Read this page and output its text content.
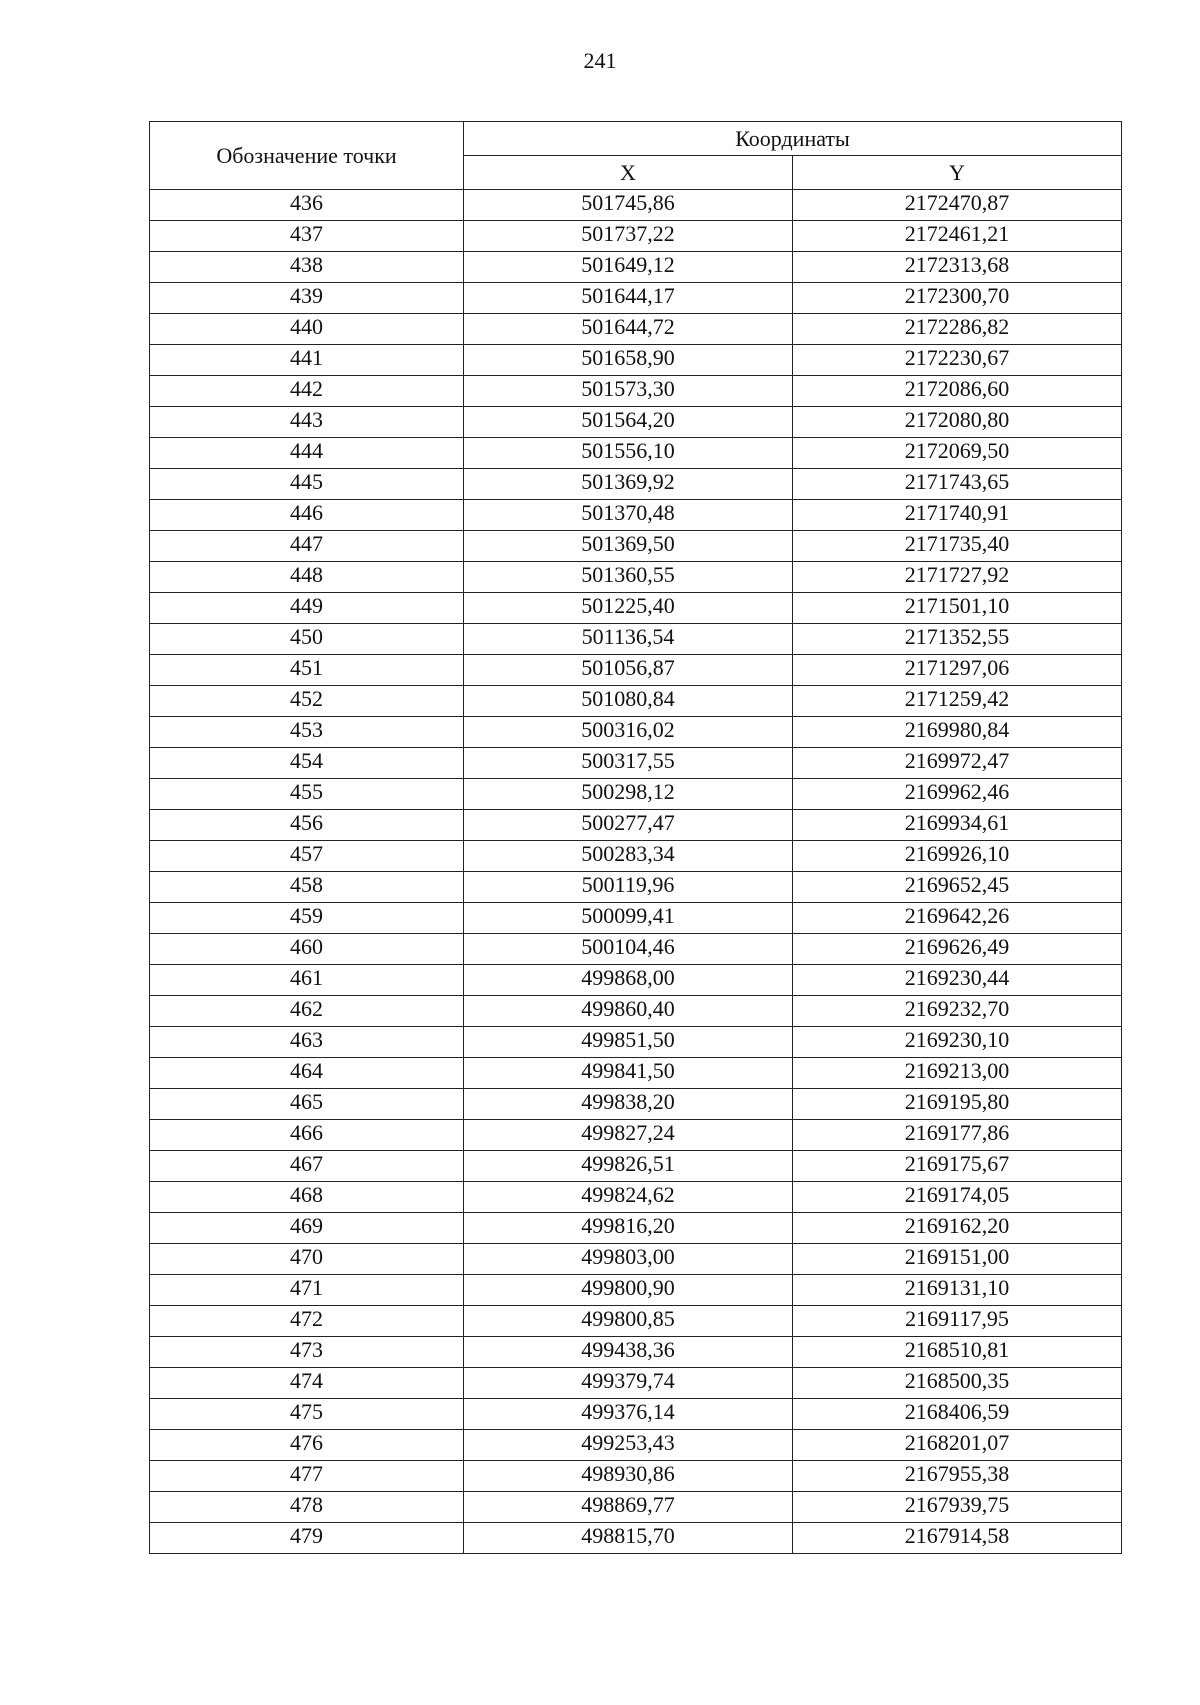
241
Обозначение точки	Координаты	
	X	Y
436	501745,86	2172470,87
437	501737,22	2172461,21
438	501649,12	2172313,68
439	501644,17	2172300,70
440	501644,72	2172286,82
441	501658,90	2172230,67
442	501573,30	2172086,60
443	501564,20	2172080,80
444	501556,10	2172069,50
445	501369,92	2171743,65
446	501370,48	2171740,91
447	501369,50	2171735,40
448	501360,55	2171727,92
449	501225,40	2171501,10
450	501136,54	2171352,55
451	501056,87	2171297,06
452	501080,84	2171259,42
453	500316,02	2169980,84
454	500317,55	2169972,47
455	500298,12	2169962,46
456	500277,47	2169934,61
457	500283,34	2169926,10
458	500119,96	2169652,45
459	500099,41	2169642,26
460	500104,46	2169626,49
461	499868,00	2169230,44
462	499860,40	2169232,70
463	499851,50	2169230,10
464	499841,50	2169213,00
465	499838,20	2169195,80
466	499827,24	2169177,86
467	499826,51	2169175,67
468	499824,62	2169174,05
469	499816,20	2169162,20
470	499803,00	2169151,00
471	499800,90	2169131,10
472	499800,85	2169117,95
473	499438,36	2168510,81
474	499379,74	2168500,35
475	499376,14	2168406,59
476	499253,43	2168201,07
477	498930,86	2167955,38
478	498869,77	2167939,75
479	498815,70	2167914,58
